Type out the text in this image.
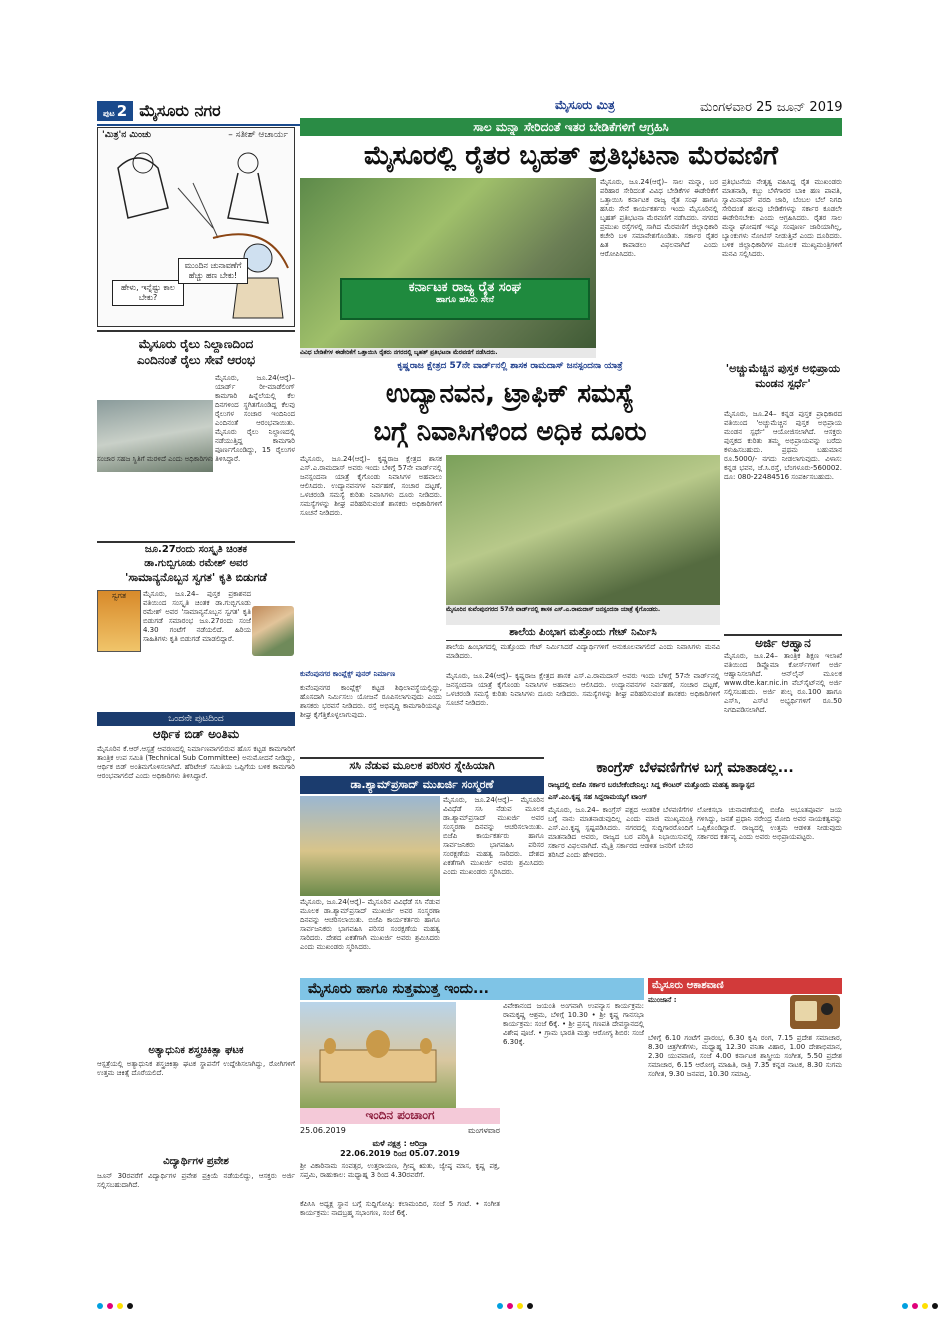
ಪುಟ 2 ಮೈಸೂರು ನಗರ	ಮೈಸೂರು ಮಿತ್ರ	ಮಂಗಳವಾರ 25 ಜೂನ್ 2019
'ಮಿತ್ರ'ನ ಮಿಂಚು	– ಸತೀಶ್ ಆಚಾರ್ಯ
ಹೇಳು, ಇನ್ನೆಷ್ಟು ಕಾಲ ಬೇಕು?
ಮುಂದಿನ ಚುನಾವಣೆಗೆ ಹೆಚ್ಚು ಹಣ ಬೇಕು!
ಸಾಲ ಮನ್ನಾ ಸೇರಿದಂತೆ ಇತರ ಬೇಡಿಕೆಗಳಿಗೆ ಆಗ್ರಹಿಸಿ
ಮೈಸೂರಲ್ಲಿ ರೈತರ ಬೃಹತ್ ಪ್ರತಿಭಟನಾ ಮೆರವಣಿಗೆ
ಕರ್ನಾಟಕ ರಾಜ್ಯ ರೈತ ಸಂಘ
ಹಾಗೂ ಹಸಿರು ಸೇನೆ
ವಿವಿಧ ಬೇಡಿಕೆಗಳ ಈಡೇರಿಕೆಗೆ ಒತ್ತಾಯಿಸಿ ರೈತರು ನಗರದಲ್ಲಿ ಬೃಹತ್ ಪ್ರತಿಭಟನಾ ಮೆರವಣಿಗೆ ನಡೆಸಿದರು.
ಮೈಸೂರು, ಜೂ.24(ಆರ್‍ಕೆ)– ಸಾಲ ಮನ್ನಾ, ಬರ ಪರಿಹಾರ ಸೇರಿದಂತೆ ವಿವಿಧ ಬೇಡಿಕೆಗಳ ಈಡೇರಿಕೆಗೆ ಒತ್ತಾಯಿಸಿ ಕರ್ನಾಟಕ ರಾಜ್ಯ ರೈತ ಸಂಘ ಹಾಗೂ ಹಸಿರು ಸೇನೆ ಕಾರ್ಯಕರ್ತರು ಇಂದು ಮೈಸೂರಿನಲ್ಲಿ ಬೃಹತ್ ಪ್ರತಿಭಟನಾ ಮೆರವಣಿಗೆ ನಡೆಸಿದರು. ನಗರದ ಪ್ರಮುಖ ರಸ್ತೆಗಳಲ್ಲಿ ಸಾಗಿದ ಮೆರವಣಿಗೆ ಜಿಲ್ಲಾಧಿಕಾರಿ ಕಚೇರಿ ಬಳಿ ಸಮಾವೇಶಗೊಂಡಿತು. ಸರ್ಕಾರ ರೈತರ ಹಿತ ಕಾಪಾಡಲು ವಿಫಲವಾಗಿದೆ ಎಂದು ಆರೋಪಿಸಿದರು.
ಪ್ರತಿಭಟನೆಯ ನೇತೃತ್ವ ವಹಿಸಿದ್ದ ರೈತ ಮುಖಂಡರು ಮಾತನಾಡಿ, ಕಬ್ಬು ಬೆಳೆಗಾರರ ಬಾಕಿ ಹಣ ಪಾವತಿ, ಸ್ವಾಮಿನಾಥನ್ ವರದಿ ಜಾರಿ, ಬೆಂಬಲ ಬೆಲೆ ನಿಗದಿ ಸೇರಿದಂತೆ ಹಲವು ಬೇಡಿಕೆಗಳನ್ನು ಸರ್ಕಾರ ಕೂಡಲೇ ಈಡೇರಿಸಬೇಕು ಎಂದು ಆಗ್ರಹಿಸಿದರು. ರೈತರ ಸಾಲ ಮನ್ನಾ ಘೋಷಣೆ ಇನ್ನೂ ಸಂಪೂರ್ಣ ಜಾರಿಯಾಗಿಲ್ಲ, ಬ್ಯಾಂಕುಗಳು ನೋಟಿಸ್ ನೀಡುತ್ತಿವೆ ಎಂದು ದೂರಿದರು. ಬಳಿಕ ಜಿಲ್ಲಾಧಿಕಾರಿಗಳ ಮೂಲಕ ಮುಖ್ಯಮಂತ್ರಿಗಳಿಗೆ ಮನವಿ ಸಲ್ಲಿಸಿದರು.
ಮೈಸೂರು ರೈಲು ನಿಲ್ದಾಣದಿಂದ
ಎಂದಿನಂತೆ ರೈಲು ಸೇವೆ ಆರಂಭ
ಮೈಸೂರು, ಜೂ.24(ಆರ್‍ಕೆ)– ಯಾರ್ಡ್ ರೀ-ಮಾಡೆಲಿಂಗ್ ಕಾಮಗಾರಿ ಹಿನ್ನೆಲೆಯಲ್ಲಿ ಕೆಲ ದಿನಗಳಿಂದ ಸ್ಥಗಿತಗೊಂಡಿದ್ದ ಕೆಲವು ರೈಲುಗಳ ಸಂಚಾರ ಇಂದಿನಿಂದ ಎಂದಿನಂತೆ ಆರಂಭವಾಯಿತು. ಮೈಸೂರು ರೈಲು ನಿಲ್ದಾಣದಲ್ಲಿ ನಡೆಯುತ್ತಿದ್ದ ಕಾಮಗಾರಿ ಪೂರ್ಣಗೊಂಡಿದ್ದು, 15 ರೈಲುಗಳ ಸಂಚಾರ ಸಹಜ ಸ್ಥಿತಿಗೆ ಮರಳಿದೆ ಎಂದು ಅಧಿಕಾರಿಗಳು ತಿಳಿಸಿದ್ದಾರೆ.
ಜೂ.27ರಂದು ಸಂಸ್ಕೃತಿ ಚಿಂತಕ
ಡಾ.ಗುಬ್ಬಿಗೂಡು ರಮೇಶ್ ಅವರ
'ಸಾಮಾನ್ಯನೊಬ್ಬನ ಸ್ವಗತ' ಕೃತಿ ಬಿಡುಗಡೆ
ಸ್ವಗತ	ಮೈಸೂರು, ಜೂ.24– ಪುಸ್ತಕ ಪ್ರಕಾಶನದ ವತಿಯಿಂದ ಸಂಸ್ಕೃತಿ ಚಿಂತಕ ಡಾ.ಗುಬ್ಬಿಗೂಡು ರಮೇಶ್ ಅವರ 'ಸಾಮಾನ್ಯನೊಬ್ಬನ ಸ್ವಗತ' ಕೃತಿ ಬಿಡುಗಡೆ ಸಮಾರಂಭ ಜೂ.27ರಂದು ಸಂಜೆ 4.30 ಗಂಟೆಗೆ ನಡೆಯಲಿದೆ. ಹಿರಿಯ ಸಾಹಿತಿಗಳು ಕೃತಿ ಬಿಡುಗಡೆ ಮಾಡಲಿದ್ದಾರೆ.
ಒಂದನೇ ಪುಟದಿಂದ
ಆರ್ಥಿಕ ಬಿಡ್ ಅಂತಿಮ
ಮೈಸೂರಿನ ಕೆ.ಆರ್.ಆಸ್ಪತ್ರೆ ಆವರಣದಲ್ಲಿ ನಿರ್ಮಾಣವಾಗಲಿರುವ ಹೊಸ ಕಟ್ಟಡ ಕಾಮಗಾರಿಗೆ ತಾಂತ್ರಿಕ ಉಪ ಸಮಿತಿ (Technical Sub Committee) ಅನುಮೋದನೆ ನೀಡಿದ್ದು, ಆರ್ಥಿಕ ಬಿಡ್ ಅಂತಿಮಗೊಳಿಸಲಾಗಿದೆ. ಹೆರಿಟೇಜ್ ಸಮಿತಿಯ ಒಪ್ಪಿಗೆಯ ಬಳಿಕ ಕಾಮಗಾರಿ ಆರಂಭವಾಗಲಿದೆ ಎಂದು ಅಧಿಕಾರಿಗಳು ತಿಳಿಸಿದ್ದಾರೆ.
ಅತ್ಯಾಧುನಿಕ ಶಸ್ತ್ರಚಿಕಿತ್ಸಾ ಘಟಕ
ಆಸ್ಪತ್ರೆಯಲ್ಲಿ ಅತ್ಯಾಧುನಿಕ ಶಸ್ತ್ರಚಿಕಿತ್ಸಾ ಘಟಕ ಸ್ಥಾಪನೆಗೆ ಉದ್ದೇಶಿಸಲಾಗಿದ್ದು, ರೋಗಿಗಳಿಗೆ ಉತ್ತಮ ಚಿಕಿತ್ಸೆ ದೊರೆಯಲಿದೆ.
ವಿದ್ಯಾರ್ಥಿಗಳ ಪ್ರವೇಶ
ಜೂನ್ 30ರವರೆಗೆ ವಿದ್ಯಾರ್ಥಿಗಳ ಪ್ರವೇಶ ಪ್ರಕ್ರಿಯೆ ನಡೆಯಲಿದ್ದು, ಆಸಕ್ತರು ಅರ್ಜಿ ಸಲ್ಲಿಸಬಹುದಾಗಿದೆ.
ಕೃಷ್ಣರಾಜ ಕ್ಷೇತ್ರದ 57ನೇ ವಾರ್ಡ್‌ನಲ್ಲಿ ಶಾಸಕ ರಾಮದಾಸ್ ಜನಸ್ಪಂದನಾ ಯಾತ್ರೆ
ಉದ್ಯಾನವನ, ಟ್ರಾಫಿಕ್ ಸಮಸ್ಯೆ
ಬಗ್ಗೆ ನಿವಾಸಿಗಳಿಂದ ಅಧಿಕ ದೂರು
ಮೈಸೂರು, ಜೂ.24(ಆರ್‍ಕೆ)– ಕೃಷ್ಣರಾಜ ಕ್ಷೇತ್ರದ ಶಾಸಕ ಎಸ್.ಎ.ರಾಮದಾಸ್ ಅವರು ಇಂದು ಬೆಳಿಗ್ಗೆ 57ನೇ ವಾರ್ಡ್‌ನಲ್ಲಿ ಜನಸ್ಪಂದನಾ ಯಾತ್ರೆ ಕೈಗೊಂಡು ನಿವಾಸಿಗಳ ಅಹವಾಲು ಆಲಿಸಿದರು. ಉದ್ಯಾನವನಗಳ ನಿರ್ವಹಣೆ, ಸಂಚಾರ ದಟ್ಟಣೆ, ಒಳಚರಂಡಿ ಸಮಸ್ಯೆ ಕುರಿತು ನಿವಾಸಿಗಳು ದೂರು ನೀಡಿದರು. ಸಮಸ್ಯೆಗಳನ್ನು ಶೀಘ್ರ ಪರಿಹರಿಸುವಂತೆ ಶಾಸಕರು ಅಧಿಕಾರಿಗಳಿಗೆ ಸೂಚನೆ ನೀಡಿದರು.
ಮೈಸೂರಿನ ಕುವೆಂಪುನಗರದ 57ನೇ ವಾರ್ಡ್‌ನಲ್ಲಿ ಶಾಸಕ ಎಸ್.ಎ.ರಾಮದಾಸ್ ಜನಸ್ಪಂದನಾ ಯಾತ್ರೆ ಕೈಗೊಂಡರು.
ಶಾಲೆಯ ಪಿಂಭಾಗ ಮತ್ತೊಂದು ಗೇಟ್ ನಿರ್ಮಿಸಿ
ಶಾಲೆಯ ಹಿಂಭಾಗದಲ್ಲಿ ಮತ್ತೊಂದು ಗೇಟ್ ನಿರ್ಮಿಸಿದರೆ ವಿದ್ಯಾರ್ಥಿಗಳಿಗೆ ಅನುಕೂಲವಾಗಲಿದೆ ಎಂದು ನಿವಾಸಿಗಳು ಮನವಿ ಮಾಡಿದರು.
ಕುವೆಂಪುನಗರ ಕಾಂಪ್ಲೆಕ್ಸ್ ಪುನರ್ ನಿರ್ಮಾಣ
ಕುವೆಂಪುನಗರ ಕಾಂಪ್ಲೆಕ್ಸ್ ಕಟ್ಟಡ ಶಿಥಿಲಾವಸ್ಥೆಯಲ್ಲಿದ್ದು, ಹೊಸದಾಗಿ ನಿರ್ಮಿಸಲು ಯೋಜನೆ ರೂಪಿಸಲಾಗುವುದು ಎಂದು ಶಾಸಕರು ಭರವಸೆ ನೀಡಿದರು. ರಸ್ತೆ ಅಭಿವೃದ್ಧಿ ಕಾಮಗಾರಿಯನ್ನೂ ಶೀಘ್ರ ಕೈಗೆತ್ತಿಕೊಳ್ಳಲಾಗುವುದು.
ಮೈಸೂರು, ಜೂ.24(ಆರ್‍ಕೆ)– ಕೃಷ್ಣರಾಜ ಕ್ಷೇತ್ರದ ಶಾಸಕ ಎಸ್.ಎ.ರಾಮದಾಸ್ ಅವರು ಇಂದು ಬೆಳಿಗ್ಗೆ 57ನೇ ವಾರ್ಡ್‌ನಲ್ಲಿ ಜನಸ್ಪಂದನಾ ಯಾತ್ರೆ ಕೈಗೊಂಡು ನಿವಾಸಿಗಳ ಅಹವಾಲು ಆಲಿಸಿದರು. ಉದ್ಯಾನವನಗಳ ನಿರ್ವಹಣೆ, ಸಂಚಾರ ದಟ್ಟಣೆ, ಒಳಚರಂಡಿ ಸಮಸ್ಯೆ ಕುರಿತು ನಿವಾಸಿಗಳು ದೂರು ನೀಡಿದರು. ಸಮಸ್ಯೆಗಳನ್ನು ಶೀಘ್ರ ಪರಿಹರಿಸುವಂತೆ ಶಾಸಕರು ಅಧಿಕಾರಿಗಳಿಗೆ ಸೂಚನೆ ನೀಡಿದರು.
'ಅಚ್ಚುಮೆಚ್ಚಿನ ಪುಸ್ತಕ ಅಭಿಪ್ರಾಯ ಮಂಡನ ಸ್ಪರ್ಧೆ'
ಮೈಸೂರು, ಜೂ.24– ಕನ್ನಡ ಪುಸ್ತಕ ಪ್ರಾಧಿಕಾರದ ವತಿಯಿಂದ 'ಅಚ್ಚುಮೆಚ್ಚಿನ ಪುಸ್ತಕ ಅಭಿಪ್ರಾಯ ಮಂಡನ ಸ್ಪರ್ಧೆ' ಆಯೋಜಿಸಲಾಗಿದೆ. ಆಸಕ್ತರು ಪುಸ್ತಕದ ಕುರಿತು ತಮ್ಮ ಅಭಿಪ್ರಾಯವನ್ನು ಬರೆದು ಕಳುಹಿಸಬಹುದು. ಪ್ರಥಮ ಬಹುಮಾನ ರೂ.5000/- ನಗದು ನೀಡಲಾಗುವುದು. ವಿಳಾಸ: ಕನ್ನಡ ಭವನ, ಜೆ.ಸಿ.ರಸ್ತೆ, ಬೆಂಗಳೂರು-560002. ದೂ: 080-22484516 ಸಂಪರ್ಕಿಸಬಹುದು.
ಅರ್ಜಿ ಆಹ್ವಾನ
ಮೈಸೂರು, ಜೂ.24– ತಾಂತ್ರಿಕ ಶಿಕ್ಷಣ ಇಲಾಖೆ ವತಿಯಿಂದ ಡಿಪ್ಲೊಮಾ ಕೋರ್ಸ್‌ಗಳಿಗೆ ಅರ್ಜಿ ಆಹ್ವಾನಿಸಲಾಗಿದೆ. ಆನ್‌ಲೈನ್ ಮೂಲಕ www.dte.kar.nic.in ವೆಬ್‌ಸೈಟ್‌ನಲ್ಲಿ ಅರ್ಜಿ ಸಲ್ಲಿಸಬಹುದು. ಅರ್ಜಿ ಶುಲ್ಕ ರೂ.100 ಹಾಗೂ ಎಸ್‌ಸಿ, ಎಸ್‌ಟಿ ಅಭ್ಯರ್ಥಿಗಳಿಗೆ ರೂ.50 ನಿಗದಿಪಡಿಸಲಾಗಿದೆ.
ಸಸಿ ನೆಡುವ ಮೂಲಕ ಪರಿಸರ ಸ್ನೇಹಿಯಾಗಿ
ಡಾ.ಶ್ಯಾಮ್‌ಪ್ರಸಾದ್ ಮುಖರ್ಜಿ ಸಂಸ್ಮರಣೆ
ಮೈಸೂರು, ಜೂ.24(ಆರ್‍ಕೆ)– ಮೈಸೂರಿನ ವಿವಿಧೆಡೆ ಸಸಿ ನೆಡುವ ಮೂಲಕ ಡಾ.ಶ್ಯಾಮ್‌ಪ್ರಸಾದ್ ಮುಖರ್ಜಿ ಅವರ ಸಂಸ್ಮರಣಾ ದಿನವನ್ನು ಆಚರಿಸಲಾಯಿತು. ಬಿಜೆಪಿ ಕಾರ್ಯಕರ್ತರು ಹಾಗೂ ಸಾರ್ವಜನಿಕರು ಭಾಗವಹಿಸಿ ಪರಿಸರ ಸಂರಕ್ಷಣೆಯ ಮಹತ್ವ ಸಾರಿದರು. ದೇಶದ ಏಕತೆಗಾಗಿ ಮುಖರ್ಜಿ ಅವರು ಶ್ರಮಿಸಿದರು ಎಂದು ಮುಖಂಡರು ಸ್ಮರಿಸಿದರು.
ಮೈಸೂರು, ಜೂ.24(ಆರ್‍ಕೆ)– ಮೈಸೂರಿನ ವಿವಿಧೆಡೆ ಸಸಿ ನೆಡುವ ಮೂಲಕ ಡಾ.ಶ್ಯಾಮ್‌ಪ್ರಸಾದ್ ಮುಖರ್ಜಿ ಅವರ ಸಂಸ್ಮರಣಾ ದಿನವನ್ನು ಆಚರಿಸಲಾಯಿತು. ಬಿಜೆಪಿ ಕಾರ್ಯಕರ್ತರು ಹಾಗೂ ಸಾರ್ವಜನಿಕರು ಭಾಗವಹಿಸಿ ಪರಿಸರ ಸಂರಕ್ಷಣೆಯ ಮಹತ್ವ ಸಾರಿದರು. ದೇಶದ ಏಕತೆಗಾಗಿ ಮುಖರ್ಜಿ ಅವರು ಶ್ರಮಿಸಿದರು ಎಂದು ಮುಖಂಡರು ಸ್ಮರಿಸಿದರು.
ಕಾಂಗ್ರೆಸ್ ಬೆಳವಣಿಗೆಗಳ ಬಗ್ಗೆ ಮಾತಾಡಲ್ಲ...
ರಾಜ್ಯದಲ್ಲಿ ಬಿಜೆಪಿ ಸರ್ಕಾರ ಬರಬೇಕೆಂದೇನಿಲ್ಲ: ಸಿದ್ದ ಕೌಂಟರ್ ಮತ್ತೊಂದು ಮಹತ್ವ ಹಾಸ್ಯಾಸ್ಪದ
ಎಸ್.ಎಂ.ಕೃಷ್ಣ ಸಹ ಸಿದ್ದರಾಮಯ್ಯಗೆ ಟಾಂಗ್
ಮೈಸೂರು, ಜೂ.24– ಕಾಂಗ್ರೆಸ್ ಪಕ್ಷದ ಆಂತರಿಕ ಬೆಳವಣಿಗೆಗಳ ಬಗ್ಗೆ ನಾನು ಮಾತನಾಡುವುದಿಲ್ಲ ಎಂದು ಮಾಜಿ ಮುಖ್ಯಮಂತ್ರಿ ಎಸ್.ಎಂ.ಕೃಷ್ಣ ಸ್ಪಷ್ಟಪಡಿಸಿದರು. ನಗರದಲ್ಲಿ ಸುದ್ದಿಗಾರರೊಂದಿಗೆ ಮಾತನಾಡಿದ ಅವರು, ರಾಜ್ಯದ ಬರ ಪರಿಸ್ಥಿತಿ ನಿಭಾಯಿಸುವಲ್ಲಿ ಸರ್ಕಾರ ವಿಫಲವಾಗಿದೆ. ಮೈತ್ರಿ ಸರ್ಕಾರದ ಆಡಳಿತ ಜನರಿಗೆ ಬೇಸರ ತರಿಸಿದೆ ಎಂದು ಹೇಳಿದರು.
ಲೋಕಸಭಾ ಚುನಾವಣೆಯಲ್ಲಿ ಬಿಜೆಪಿ ಅಭೂತಪೂರ್ವ ಜಯ ಗಳಿಸಿದ್ದು, ಜನತೆ ಪ್ರಧಾನಿ ನರೇಂದ್ರ ಮೋದಿ ಅವರ ನಾಯಕತ್ವವನ್ನು ಒಪ್ಪಿಕೊಂಡಿದ್ದಾರೆ. ರಾಜ್ಯದಲ್ಲಿ ಉತ್ತಮ ಆಡಳಿತ ನೀಡುವುದು ಸರ್ಕಾರದ ಕರ್ತವ್ಯ ಎಂದು ಅವರು ಅಭಿಪ್ರಾಯಪಟ್ಟರು.
ಮೈಸೂರು ಹಾಗೂ ಸುತ್ತಮುತ್ತ ಇಂದು...
ಇಂದಿನ ಪಂಚಾಂಗ
25.06.2019	ಮಂಗಳವಾರ
ಮಳೆ ನಕ್ಷತ್ರ : ಆರಿದ್ರಾ
22.06.2019 ರಿಂದ 05.07.2019
ಶ್ರೀ ವಿಕಾರಿನಾಮ ಸಂವತ್ಸರ, ಉತ್ತರಾಯಣ, ಗ್ರೀಷ್ಮ ಋತು, ಜ್ಯೇಷ್ಠ ಮಾಸ, ಕೃಷ್ಣ ಪಕ್ಷ, ಸಪ್ತಮಿ, ರಾಹುಕಾಲ: ಮಧ್ಯಾಹ್ನ 3 ರಿಂದ 4.30ರವರೆಗೆ.
ಕೆಪಿಸಿಸಿ ಅಧ್ಯಕ್ಷ ಸ್ಥಾನ ಬಗ್ಗೆ ಸುದ್ದಿಗೋಷ್ಠಿ: ಕಲಾಮಂದಿರ, ಸಂಜೆ 5 ಗಂಟೆ. • ಸಂಗೀತ ಕಾರ್ಯಕ್ರಮ: ನಾದಬ್ರಹ್ಮ ಸಭಾಂಗಣ, ಸಂಜೆ 6ಕ್ಕೆ.
ವಿವೇಕಾನಂದ ಜಯಂತಿ ಅಂಗವಾಗಿ ಉಪನ್ಯಾಸ ಕಾರ್ಯಕ್ರಮ: ರಾಮಕೃಷ್ಣ ಆಶ್ರಮ, ಬೆಳಿಗ್ಗೆ 10.30 • ಶ್ರೀ ಕೃಷ್ಣ ಗಾನಸಭಾ ಕಾರ್ಯಕ್ರಮ: ಸಂಜೆ 6ಕ್ಕೆ. • ಶ್ರೀ ಪ್ರಸನ್ನ ಗಣಪತಿ ದೇವಸ್ಥಾನದಲ್ಲಿ ವಿಶೇಷ ಪೂಜೆ. • ಗ್ರಾಮ ಭಾರತಿ ಮತ್ತು ಆರೋಗ್ಯ ಶಿಬಿರ: ಸಂಜೆ 6.30ಕ್ಕೆ.
ಮೈಸೂರು ಆಕಾಶವಾಣಿ
ಮುಂಜಾನೆ :
ಬೆಳಿಗ್ಗೆ 6.10 ಗಂಟೆಗೆ ಪ್ರಾರಂಭ, 6.30 ಕೃಷಿ ರಂಗ, 7.15 ಪ್ರದೇಶ ಸಮಾಚಾರ, 8.30 ಚಿತ್ರಗೀತೆಗಳು, ಮಧ್ಯಾಹ್ನ 12.30 ವನಿತಾ ವಿಹಾರ, 1.00 ದೇಶಾಭಿಮಾನ, 2.30 ಯುವವಾಣಿ, ಸಂಜೆ 4.00 ಕರ್ನಾಟಕ ಶಾಸ್ತ್ರೀಯ ಸಂಗೀತ, 5.50 ಪ್ರದೇಶ ಸಮಾಚಾರ, 6.15 ಆರೋಗ್ಯ ಮಾಹಿತಿ, ರಾತ್ರಿ 7.35 ಕನ್ನಡ ನಾಟಕ, 8.30 ಸುಗಮ ಸಂಗೀತ, 9.30 ಜನಪದ, 10.30 ಸಮಾಪ್ತಿ.
